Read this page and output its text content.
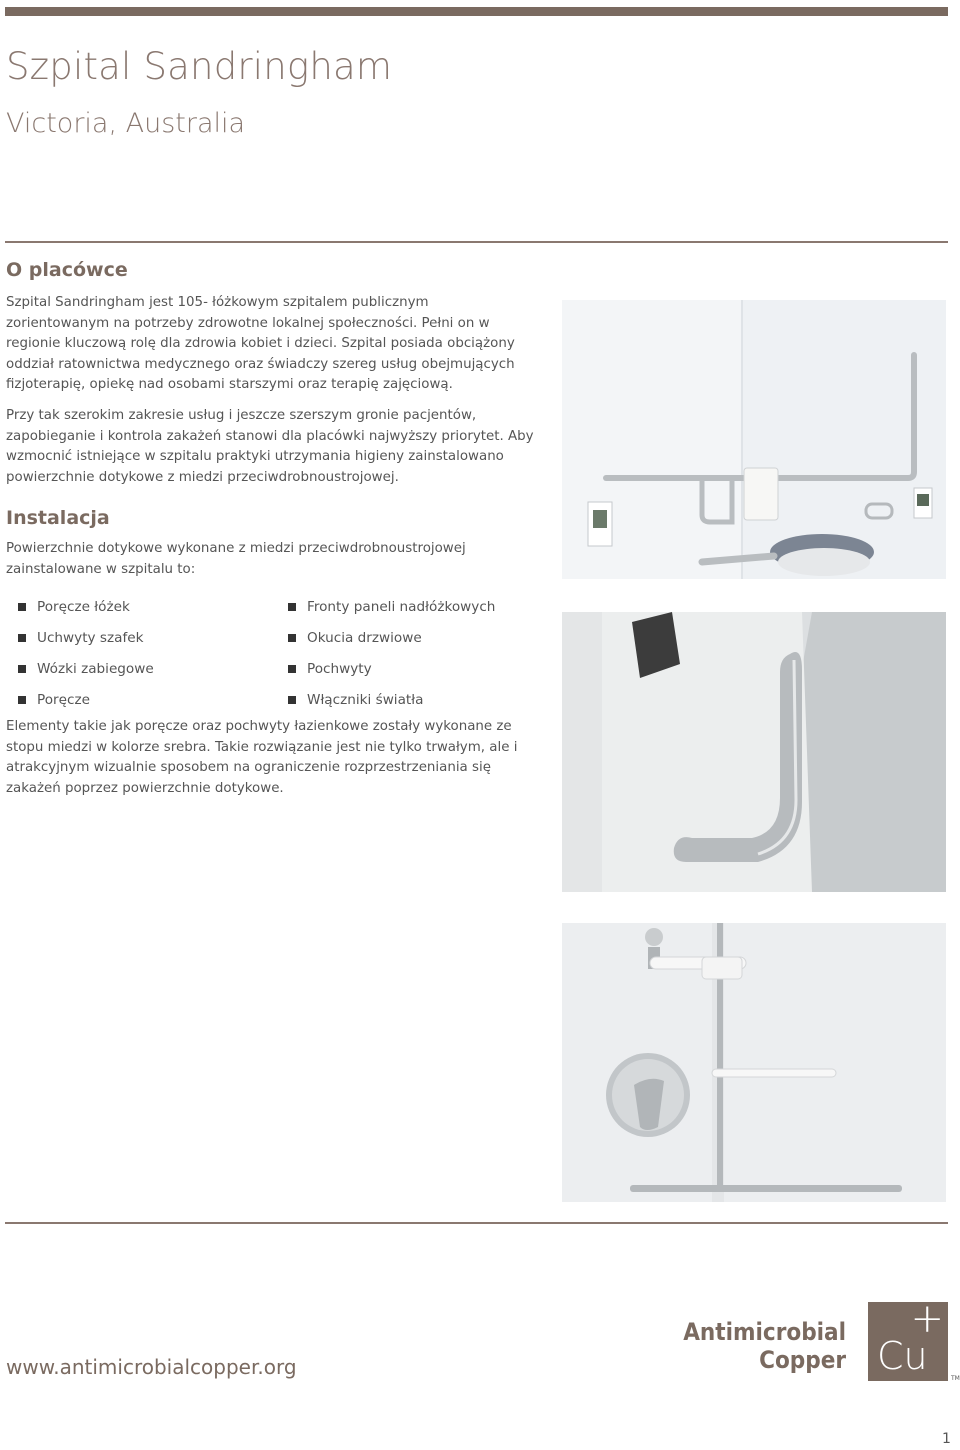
Szpital Sandringham
Victoria, Australia
O placówce

Szpital Sandringham jest 105- łóżkowym szpitalem publicznym zorientowanym na potrzeby zdrowotne lokalnej społeczności. Pełni on w regionie kluczową rolę dla zdrowia kobiet i dzieci. Szpital posiada obciążony oddział ratownictwa medycznego oraz świadczy szereg usług obejmujących fizjoterapię, opiekę nad osobami starszymi oraz terapię zajęciową.

Przy tak szerokim zakresie usług i jeszcze szerszym gronie pacjentów, zapobieganie i kontrola zakażeń stanowi dla placówki najwyższy priorytet. Aby wzmocnić istniejące w szpitalu praktyki utrzymania higieny zainstalowano powierzchnie dotykowe z miedzi przeciwdrobnoustrojowej.

Instalacja

Powierzchnie dotykowe wykonane z miedzi przeciwdrobnoustrojowej zainstalowane w szpitalu to:

Poręcze łóżek
Uchwyty szafek
Wózki zabiegowe
Poręcze
Fronty paneli nadłóżkowych
Okucia drzwiowe
Pochwyty
Włączniki światła

Elementy takie jak poręcze oraz pochwyty łazienkowe zostały wykonane ze stopu miedzi w kolorze srebra. Takie rozwiązanie jest nie tylko trwałym, ale i atrakcyjnym wizualnie sposobem na ograniczenie rozprzestrzeniania się zakażeń poprzez powierzchnie dotykowe.

www.antimicrobialcopper.org

Antimicrobial
Copper Cu
+
TM
1
